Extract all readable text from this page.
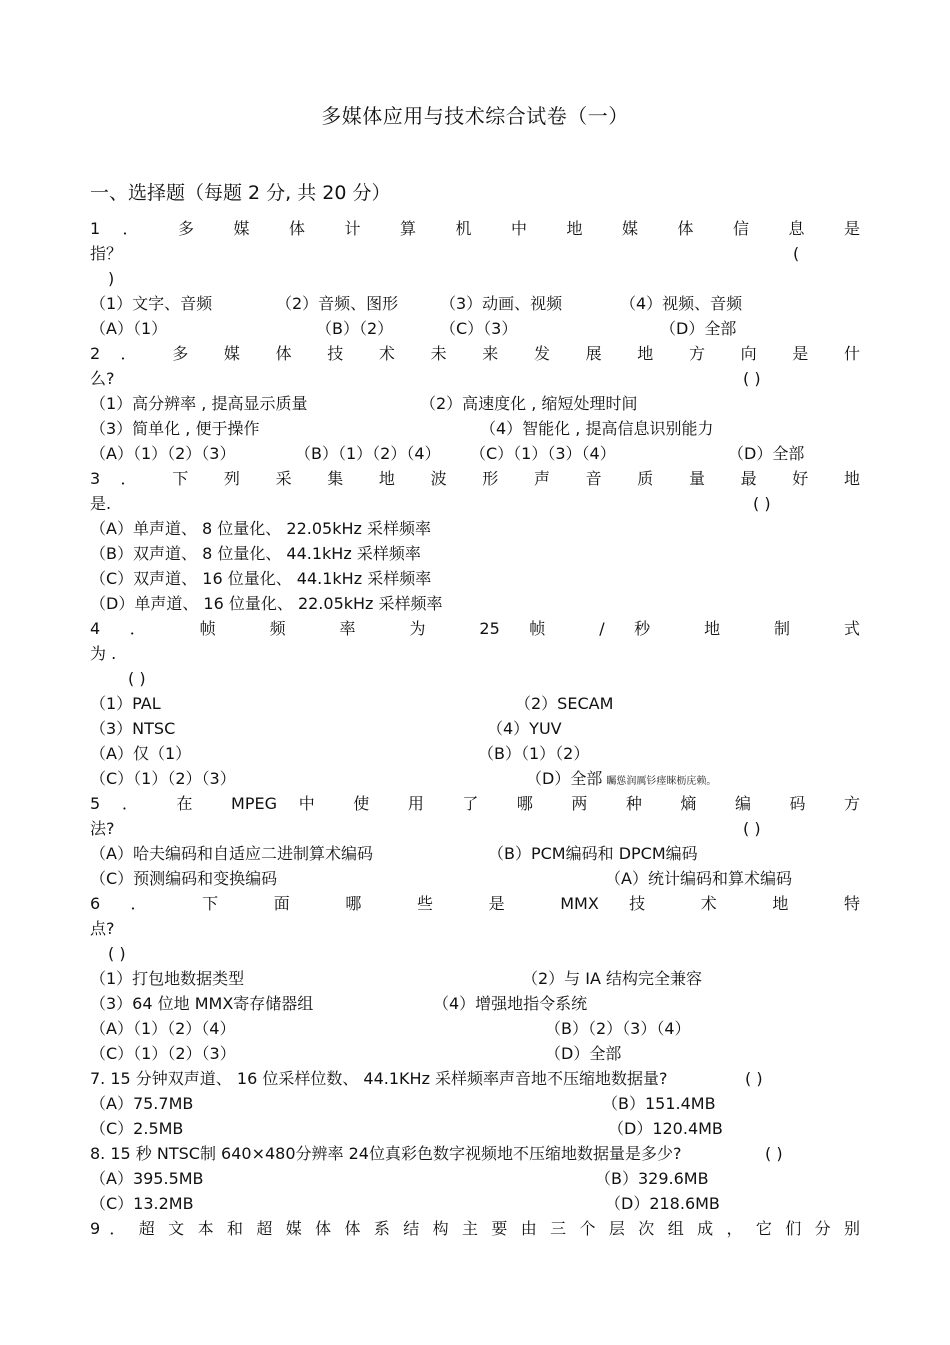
多媒体应用与技术综合试卷（一）
一、选择题（每题 2 分, 共 20 分）
1 ． 多 媒 体 计 算 机 中 地 媒 体 信 息 是
指？	(
)
（1）文字、音频	（2）音频、图形	（3）动画、视频	（4）视频、音频
（A）（1）	（B）（2）	（C）（3）	（D）全部
2 ． 多 媒 体 技 术 未 来 发 展 地 方 向 是 什
么?	( )
（1）高分辨率 , 提高显示质量	（2）高速度化 , 缩短处理时间
（3）简单化 , 便于操作	（4）智能化 , 提高信息识别能力
（A）（1）（2）（3）	（B）（1）（2）（4） （C）（1）（3）（4）	（D）全部
3 ． 下 列 采 集 地 波 形 声 音 质 量 最 好 地
是.	( )
（A）单声道、 8 位量化、 22.05kHz 采样频率
（B）双声道、 8 位量化、 44.1kHz 采样频率
（C）双声道、 16 位量化、 44.1kHz 采样频率
（D）单声道、 16 位量化、 22.05kHz 采样频率
4 ． 帧 频 率 为 25 帧 / 秒 地 制 式
为 .
( )
（1）PAL	（2）SECAM
（3）NTSC	（4）YUV
（A）仅（1）	（B）（1）（2）
（C）（1）（2）（3）	（D）全部 矚慫润厲钐瘗睞枥庑赖。
5 ． 在 MPEG 中 使 用 了 哪 两 种 熵 编 码 方
法?	( )
（A）哈夫编码和自适应二进制算术编码	（B）PCM编码和 DPCM编码
（C）预测编码和变换编码	（A）统计编码和算术编码
6 ． 下 面 哪 些 是 MMX 技 术 地 特
点?
( )
（1）打包地数据类型	（2）与 IA 结构完全兼容
（3）64 位地 MMX寄存储器组	（4）增强地指令系统
（A）（1）（2）（4）	（B）（2）（3）（4）
（C）（1）（2）（3）	（D）全部
7. 15 分钟双声道、 16 位采样位数、 44.1KHz 采样频率声音地不压缩地数据量?	( )
（A）75.7MB	（B）151.4MB
（C）2.5MB	（D）120.4MB
8. 15 秒 NTSC制 640×480分辨率 24位真彩色数字视频地不压缩地数据量是多少?	( )
（A）395.5MB	（B）329.6MB
（C）13.2MB	（D）218.6MB
9 ． 超 文 本 和 超 媒 体 体 系 结 构 主 要 由 三 个 层 次 组 成 ， 它 们 分 别
